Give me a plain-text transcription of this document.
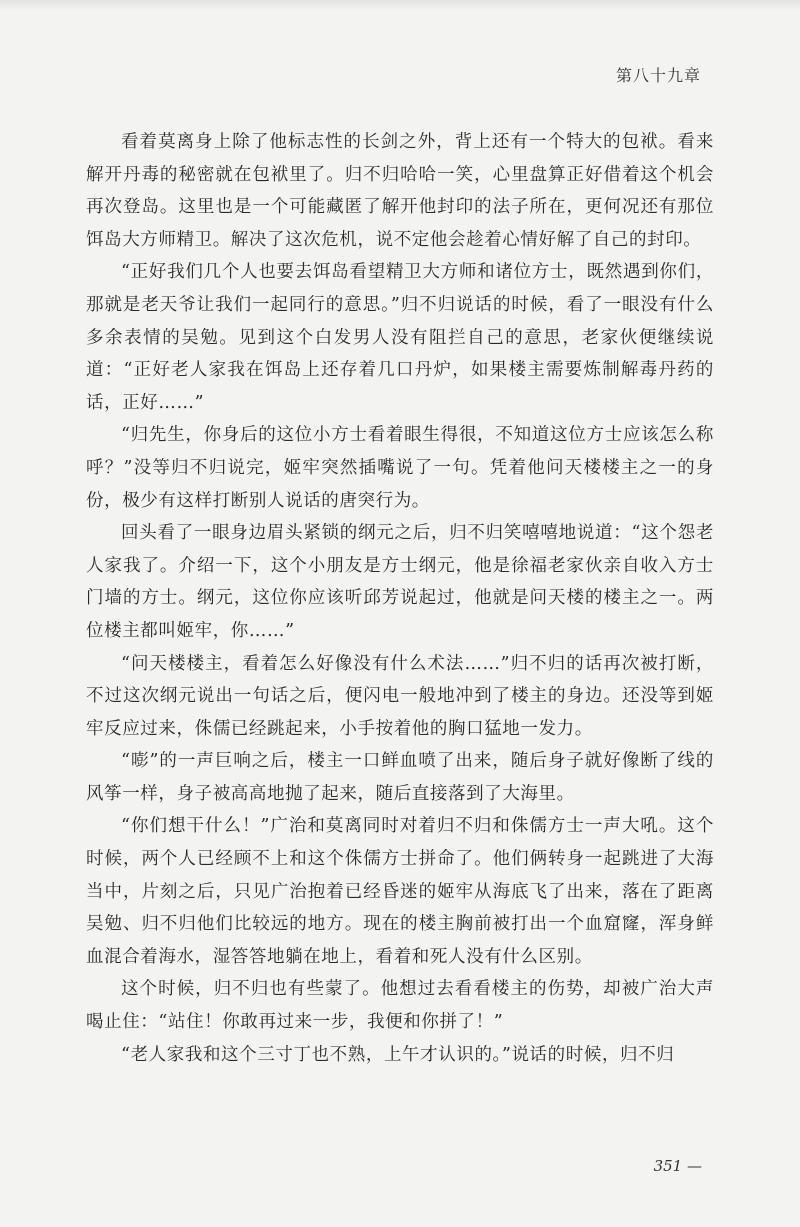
第八十九章

看着莫离身上除了他标志性的长剑之外，背上还有一个特大的包袱。看来解开丹毒的秘密就在包袱里了。归不归哈哈一笑，心里盘算正好借着这个机会再次登岛。这里也是一个可能藏匿了解开他封印的法子所在，更何况还有那位饵岛大方师精卫。解决了这次危机，说不定他会趁着心情好解了自己的封印。

“正好我们几个人也要去饵岛看望精卫大方师和诸位方士，既然遇到你们，那就是老天爷让我们一起同行的意思。”归不归说话的时候，看了一眼没有什么多余表情的吴勉。见到这个白发男人没有阻拦自己的意思，老家伙便继续说道：“正好老人家我在饵岛上还存着几口丹炉，如果楼主需要炼制解毒丹药的话，正好……”

“归先生，你身后的这位小方士看着眼生得很，不知道这位方士应该怎么称呼？”没等归不归说完，姬牢突然插嘴说了一句。凭着他问天楼楼主之一的身份，极少有这样打断别人说话的唐突行为。

回头看了一眼身边眉头紧锁的纲元之后，归不归笑嘻嘻地说道：“这个怨老人家我了。介绍一下，这个小朋友是方士纲元，他是徐福老家伙亲自收入方士门墙的方士。纲元，这位你应该听邱芳说起过，他就是问天楼的楼主之一。两位楼主都叫姬牢，你……”

“问天楼楼主，看着怎么好像没有什么术法……”归不归的话再次被打断，不过这次纲元说出一句话之后，便闪电一般地冲到了楼主的身边。还没等到姬牢反应过来，侏儒已经跳起来，小手按着他的胸口猛地一发力。

“嘭”的一声巨响之后，楼主一口鲜血喷了出来，随后身子就好像断了线的风筝一样，身子被高高地抛了起来，随后直接落到了大海里。

“你们想干什么！”广治和莫离同时对着归不归和侏儒方士一声大吼。这个时候，两个人已经顾不上和这个侏儒方士拼命了。他们俩转身一起跳进了大海当中，片刻之后，只见广治抱着已经昏迷的姬牢从海底飞了出来，落在了距离吴勉、归不归他们比较远的地方。现在的楼主胸前被打出一个血窟窿，浑身鲜血混合着海水，湿答答地躺在地上，看着和死人没有什么区别。

这个时候，归不归也有些蒙了。他想过去看看楼主的伤势，却被广治大声喝止住：“站住！你敢再过来一步，我便和你拼了！”

“老人家我和这个三寸丁也不熟，上午才认识的。”说话的时候，归不归

351 —
